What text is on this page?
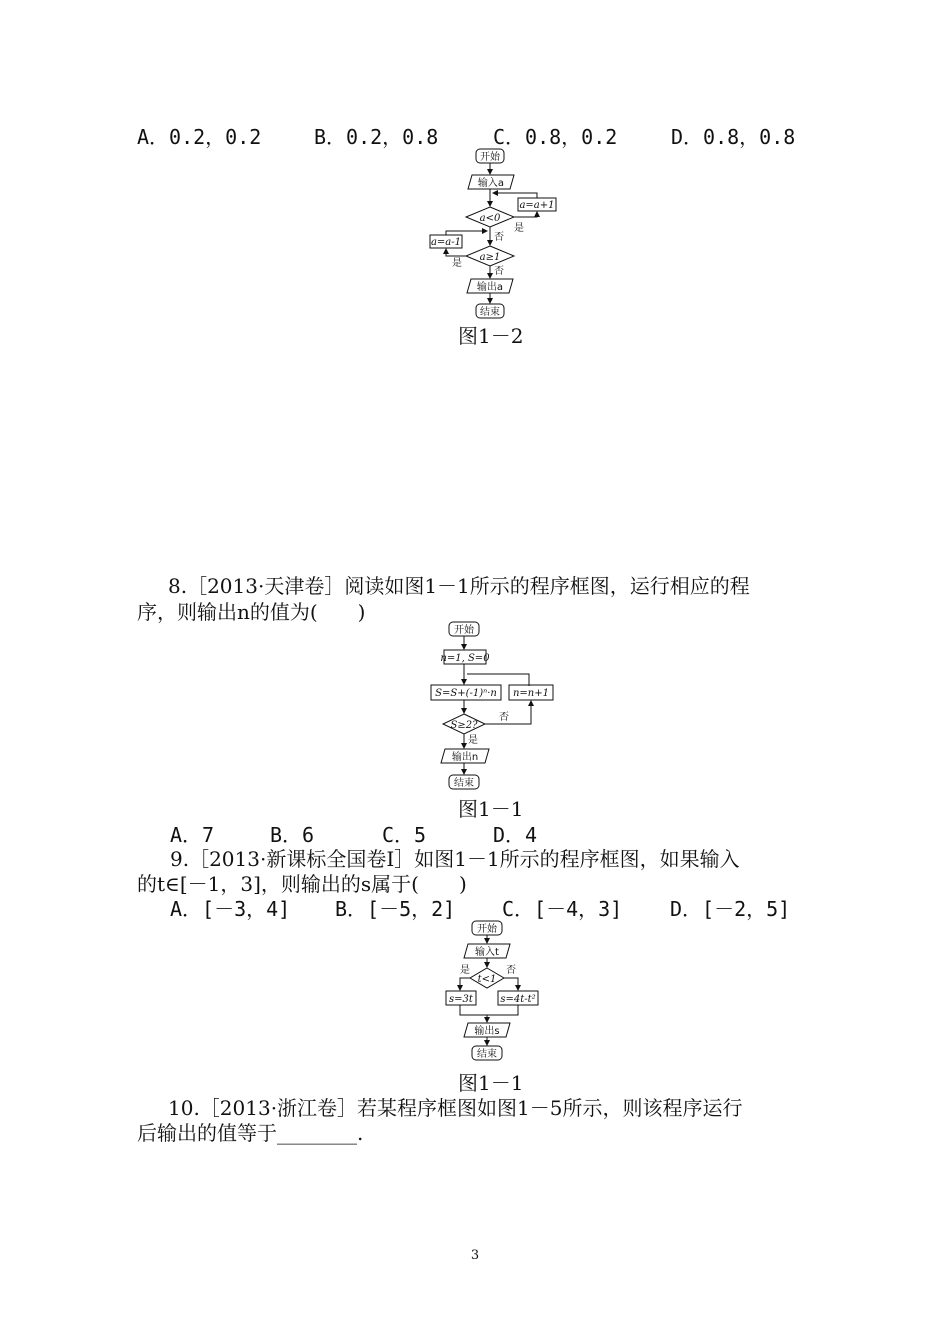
A．0.2，0.2	B．0.2，0.8	C．0.8，0.2	D．0.8，0.8
开始
输入a
a=a+1
a<0
是
否
a=a-1
a≥1
是
否
输出a
结束
图1－2
8.［2013·天津卷］阅读如图1－1所示的程序框图，运行相应的程
序，则输出n的值为(　　)
开始
n=1, S=0
S=S+(-1)ⁿ·n n=n+1
S≥2?
否
是
输出n
结束
图1－1
A．7	B．6	C．5	D．4
9.［2013·新课标全国卷Ⅰ］如图1－1所示的程序框图，如果输入
的t∈[－1，3]，则输出的s属于(　　)
A．[－3，4] B．[－5，2] C．[－4，3] D．[－2，5]
开始
输入t
t<1
是	否
s=3t	s=4t-t²
输出s
结束
图1－1
10.［2013·浙江卷］若某程序框图如图1－5所示，则该程序运行
后输出的值等于________.
3
